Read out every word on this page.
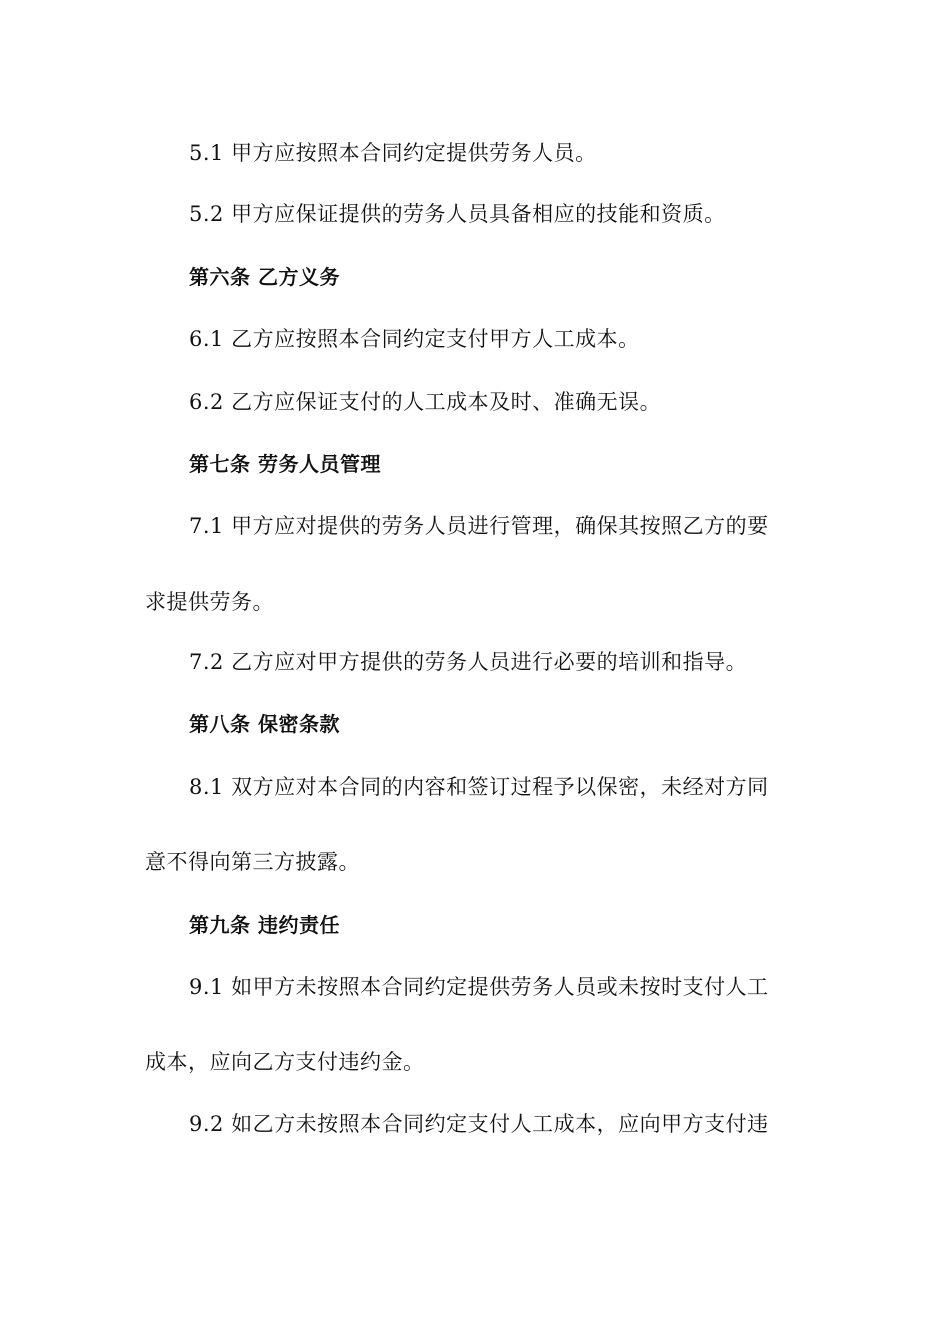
5.1 甲方应按照本合同约定提供劳务人员。
5.2 甲方应保证提供的劳务人员具备相应的技能和资质。
第六条 乙方义务
6.1 乙方应按照本合同约定支付甲方人工成本。
6.2 乙方应保证支付的人工成本及时、准确无误。
第七条 劳务人员管理
7.1 甲方应对提供的劳务人员进行管理，确保其按照乙方的要
求提供劳务。
7.2 乙方应对甲方提供的劳务人员进行必要的培训和指导。
第八条 保密条款
8.1 双方应对本合同的内容和签订过程予以保密，未经对方同
意不得向第三方披露。
第九条 违约责任
9.1 如甲方未按照本合同约定提供劳务人员或未按时支付人工
成本，应向乙方支付违约金。
9.2 如乙方未按照本合同约定支付人工成本，应向甲方支付违
